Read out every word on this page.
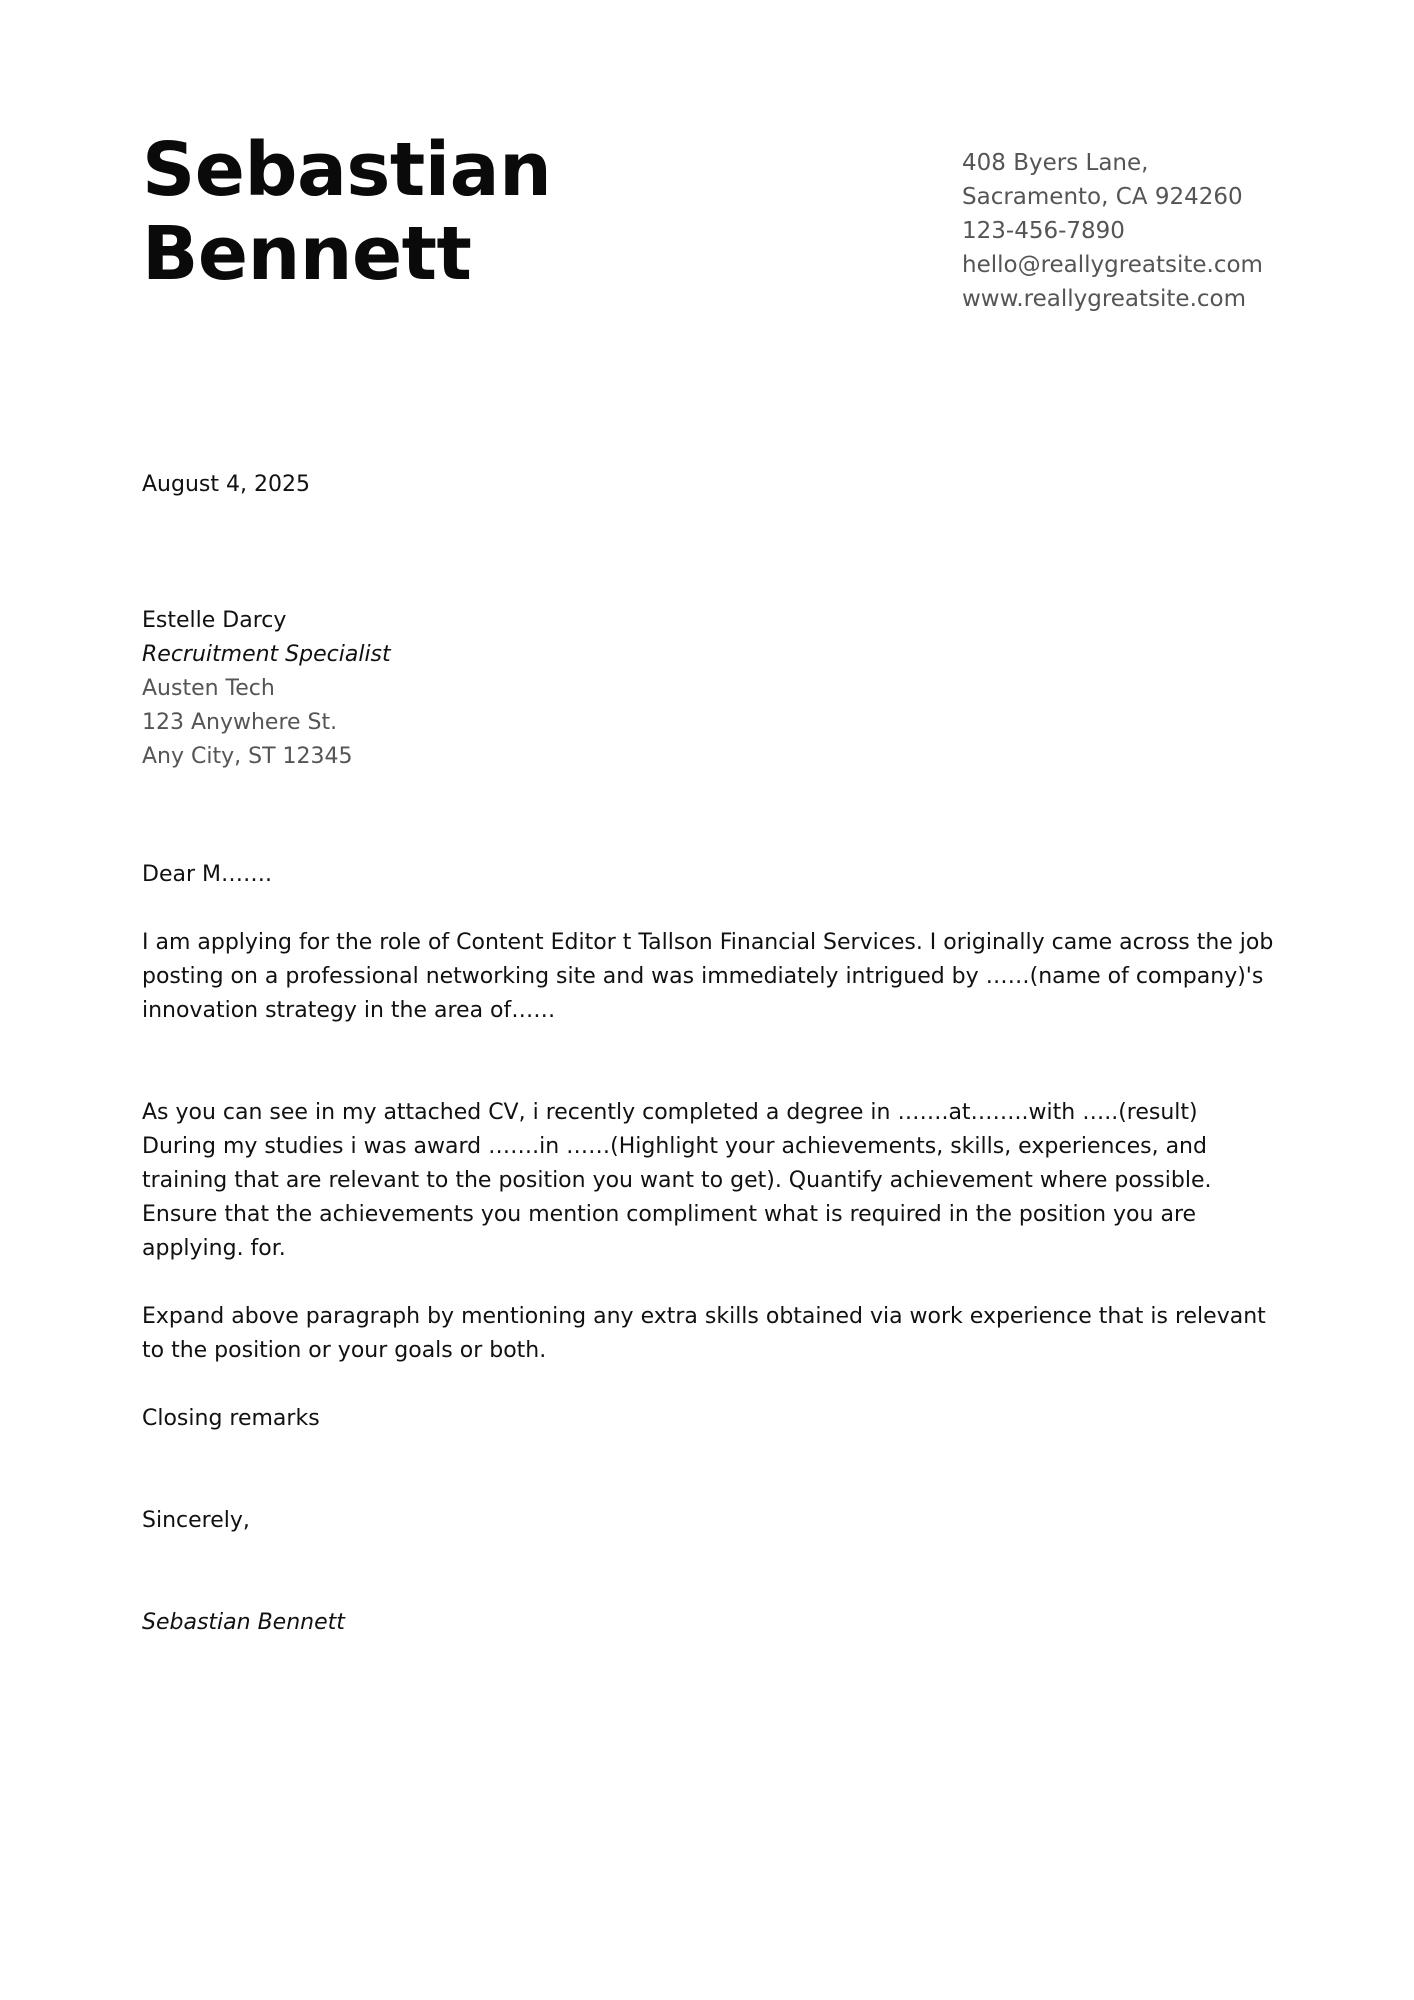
Sebastian
Bennett
408 Byers Lane,
Sacramento, CA 924260
123-456-7890
hello@reallygreatsite.com
www.reallygreatsite.com
August 4, 2025
Estelle Darcy
Recruitment Specialist
Austen Tech
123 Anywhere St.
Any City, ST 12345
Dear M…….
I am applying for the role of Content Editor t Tallson Financial Services. I originally came across the job posting on a professional networking site and was immediately intrigued by ……(name of company)'s innovation strategy in the area of……
As you can see in my attached CV, i recently completed a degree in …….at……..with …..(result)
During my studies i was award …….in ……(Highlight your achievements, skills, experiences, and training that are relevant to the position you want to get). Quantify achievement where possible.
Ensure that the achievements you mention compliment what is required in the position you are applying. for.
Expand above paragraph by mentioning any extra skills obtained via work experience that is relevant to the position or your goals or both.
Closing remarks
Sincerely,
Sebastian Bennett
